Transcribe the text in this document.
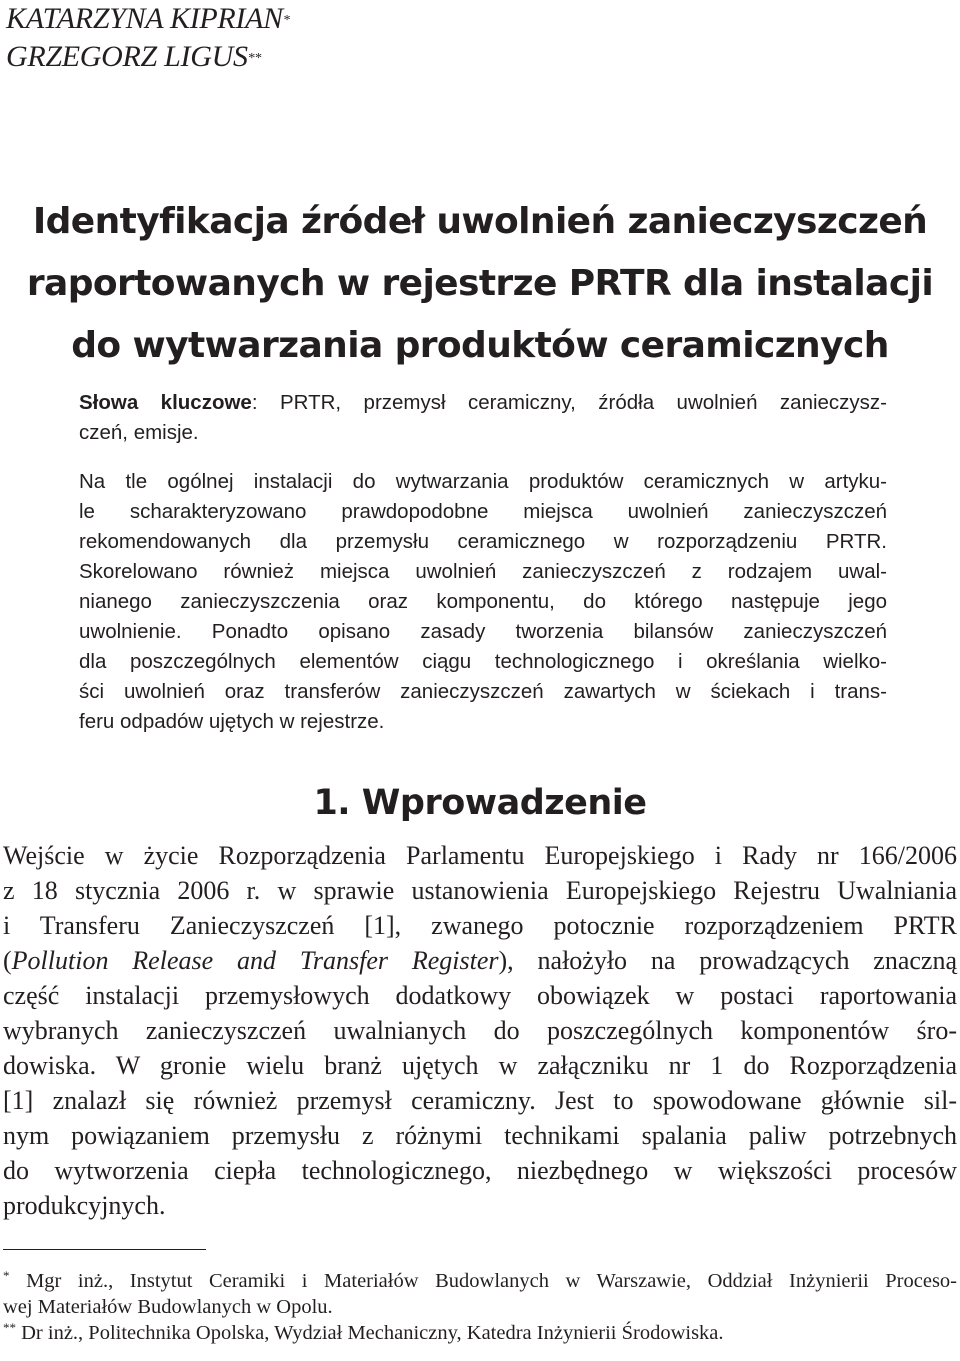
KATARZYNA KIPRIAN*
GRZEGORZ LIGUS**
Identyfikacja źródeł uwolnień zanieczyszczeń
raportowanych w rejestrze PRTR dla instalacji
do wytwarzania produktów ceramicznych
Słowa kluczowe: PRTR, przemysł ceramiczny, źródła uwolnień zanieczysz-
czeń, emisje.
Na tle ogólnej instalacji do wytwarzania produktów ceramicznych w artyku-
le scharakteryzowano prawdopodobne miejsca uwolnień zanieczyszczeń
rekomendowanych dla przemysłu ceramicznego w rozporządzeniu PRTR.
Skorelowano również miejsca uwolnień zanieczyszczeń z rodzajem uwal-
nianego zanieczyszczenia oraz komponentu, do którego następuje jego
uwolnienie. Ponadto opisano zasady tworzenia bilansów zanieczyszczeń
dla poszczególnych elementów ciągu technologicznego i określania wielko-
ści uwolnień oraz transferów zanieczyszczeń zawartych w ściekach i trans-
feru odpadów ujętych w rejestrze.
1. Wprowadzenie
Wejście w życie Rozporządzenia Parlamentu Europejskiego i Rady nr 166/2006
z 18 stycznia 2006 r. w sprawie ustanowienia Europejskiego Rejestru Uwalniania
i Transferu Zanieczyszczeń [1], zwanego potocznie rozporządzeniem PRTR
(Pollution Release and Transfer Register), nałożyło na prowadzących znaczną
część instalacji przemysłowych dodatkowy obowiązek w postaci raportowania
wybranych zanieczyszczeń uwalnianych do poszczególnych komponentów śro-
dowiska. W gronie wielu branż ujętych w załączniku nr 1 do Rozporządzenia
[1] znalazł się również przemysł ceramiczny. Jest to spowodowane głównie sil-
nym powiązaniem przemysłu z różnymi technikami spalania paliw potrzebnych
do wytworzenia ciepła technologicznego, niezbędnego w większości procesów
produkcyjnych.
* Mgr inż., Instytut Ceramiki i Materiałów Budowlanych w Warszawie, Oddział Inżynierii Proceso-
wej Materiałów Budowlanych w Opolu.
** Dr inż., Politechnika Opolska, Wydział Mechaniczny, Katedra Inżynierii Środowiska.
